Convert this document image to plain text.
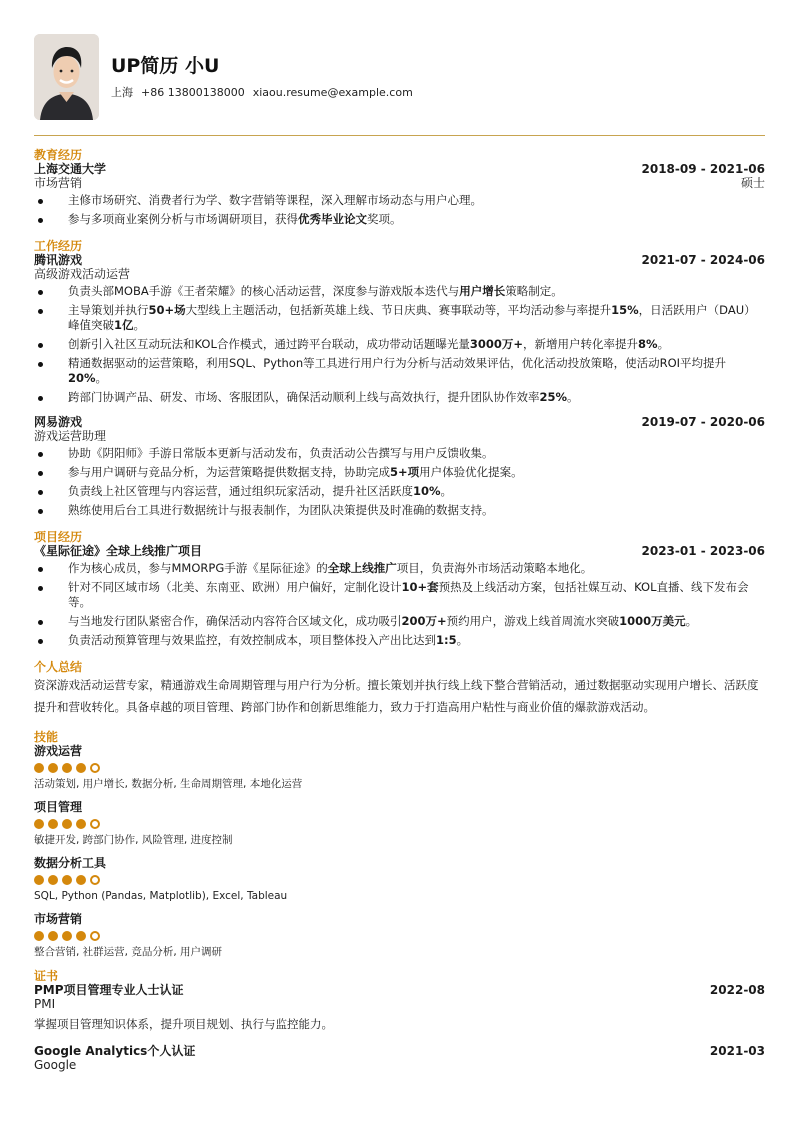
UP简历 小U
上海 +86 13800138000 xiaou.resume@example.com
教育经历
上海交通大学	2018-09 - 2021-06
市场营销	硕士
主修市场研究、消费者行为学、数字营销等课程，深入理解市场动态与用户心理。
参与多项商业案例分析与市场调研项目，获得优秀毕业论文奖项。
工作经历
腾讯游戏	2021-07 - 2024-06
高级游戏活动运营
负责头部MOBA手游《王者荣耀》的核心活动运营，深度参与游戏版本迭代与用户增长策略制定。
主导策划并执行50+场大型线上主题活动，包括新英雄上线、节日庆典、赛事联动等，平均活动参与率提升15%，日活跃用户（DAU）峰值突破1亿。
创新引入社区互动玩法和KOL合作模式，通过跨平台联动，成功带动话题曝光量3000万+，新增用户转化率提升8%。
精通数据驱动的运营策略，利用SQL、Python等工具进行用户行为分析与活动效果评估，优化活动投放策略，使活动ROI平均提升20%。
跨部门协调产品、研发、市场、客服团队，确保活动顺利上线与高效执行，提升团队协作效率25%。
网易游戏	2019-07 - 2020-06
游戏运营助理
协助《阴阳师》手游日常版本更新与活动发布，负责活动公告撰写与用户反馈收集。
参与用户调研与竞品分析，为运营策略提供数据支持，协助完成5+项用户体验优化提案。
负责线上社区管理与内容运营，通过组织玩家活动，提升社区活跃度10%。
熟练使用后台工具进行数据统计与报表制作，为团队决策提供及时准确的数据支持。
项目经历
《星际征途》全球上线推广项目	2023-01 - 2023-06
作为核心成员，参与MMORPG手游《星际征途》的全球上线推广项目，负责海外市场活动策略本地化。
针对不同区域市场（北美、东南亚、欧洲）用户偏好，定制化设计10+套预热及上线活动方案，包括社媒互动、KOL直播、线下发布会等。
与当地发行团队紧密合作，确保活动内容符合区域文化，成功吸引200万+预约用户，游戏上线首周流水突破1000万美元。
负责活动预算管理与效果监控，有效控制成本，项目整体投入产出比达到1:5。
个人总结
资深游戏活动运营专家，精通游戏生命周期管理与用户行为分析。擅长策划并执行线上线下整合营销活动，通过数据驱动实现用户增长、活跃度提升和营收转化。具备卓越的项目管理、跨部门协作和创新思维能力，致力于打造高用户粘性与商业价值的爆款游戏活动。
技能
游戏运营
活动策划, 用户增长, 数据分析, 生命周期管理, 本地化运营
项目管理
敏捷开发, 跨部门协作, 风险管理, 进度控制
数据分析工具
SQL, Python (Pandas, Matplotlib), Excel, Tableau
市场营销
整合营销, 社群运营, 竞品分析, 用户调研
证书
PMP项目管理专业人士认证	2022-08
PMI
掌握项目管理知识体系，提升项目规划、执行与监控能力。
Google Analytics个人认证	2021-03
Google
